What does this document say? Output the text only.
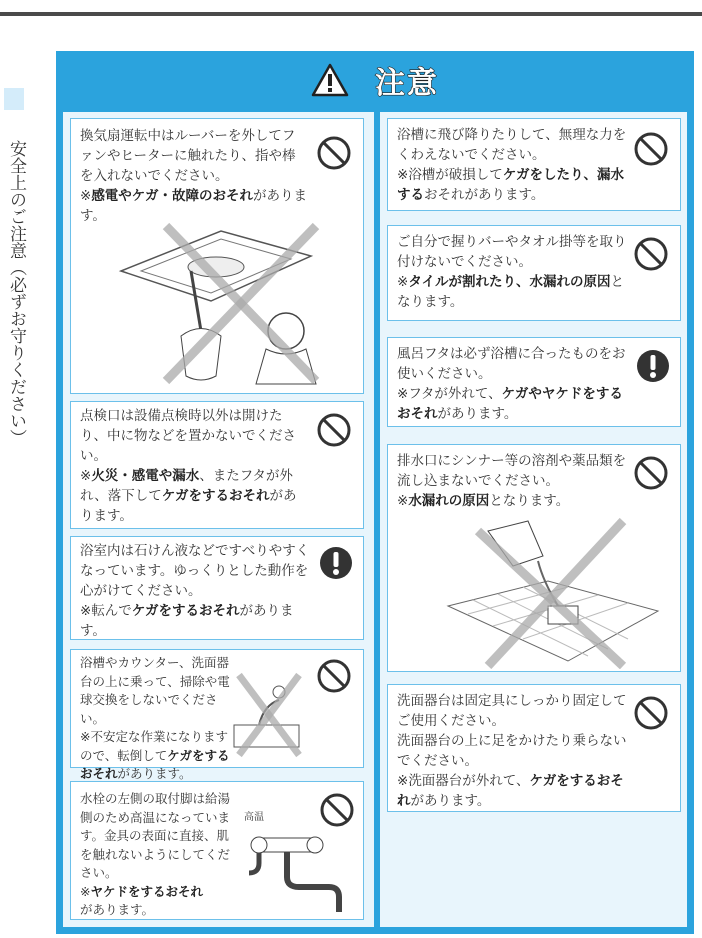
安全上のご注意（必ずお守りください）
注意
換気扇運転中はルーバーを外してファンやヒーターに触れたり、指や棒を入れないでください。
※感電やケガ・故障のおそれがあります。
点検口は設備点検時以外は開けたり、中に物などを置かないでください。
※火災・感電や漏水、またフタが外れ、落下してケガをするおそれがあります。
浴室内は石けん液などですべりやすくなっています。ゆっくりとした動作を心がけてください。
※転んでケガをするおそれがあります。
浴槽やカウンター、洗面器台の上に乗って、掃除や電球交換をしないでください。
※不安定な作業になりますので、転倒してケガをするおそれがあります。
水栓の左側の取付脚は給湯側のため高温になっています。金具の表面に直接、肌を触れないようにしてください。
※ヤケドをするおそれ
があります。
高温
浴槽に飛び降りたりして、無理な力をくわえないでください。
※浴槽が破損してケガをしたり、漏水するおそれがあります。
ご自分で握りバーやタオル掛等を取り付けないでください。
※タイルが割れたり、水漏れの原因となります。
風呂フタは必ず浴槽に合ったものをお使いください。
※フタが外れて、ケガやヤケドをするおそれがあります。
排水口にシンナー等の溶剤や薬品類を流し込まないでください。
※水漏れの原因となります。
洗面器台は固定具にしっかり固定してご使用ください。
洗面器台の上に足をかけたり乗らないでください。
※洗面器台が外れて、ケガをするおそれがあります。
